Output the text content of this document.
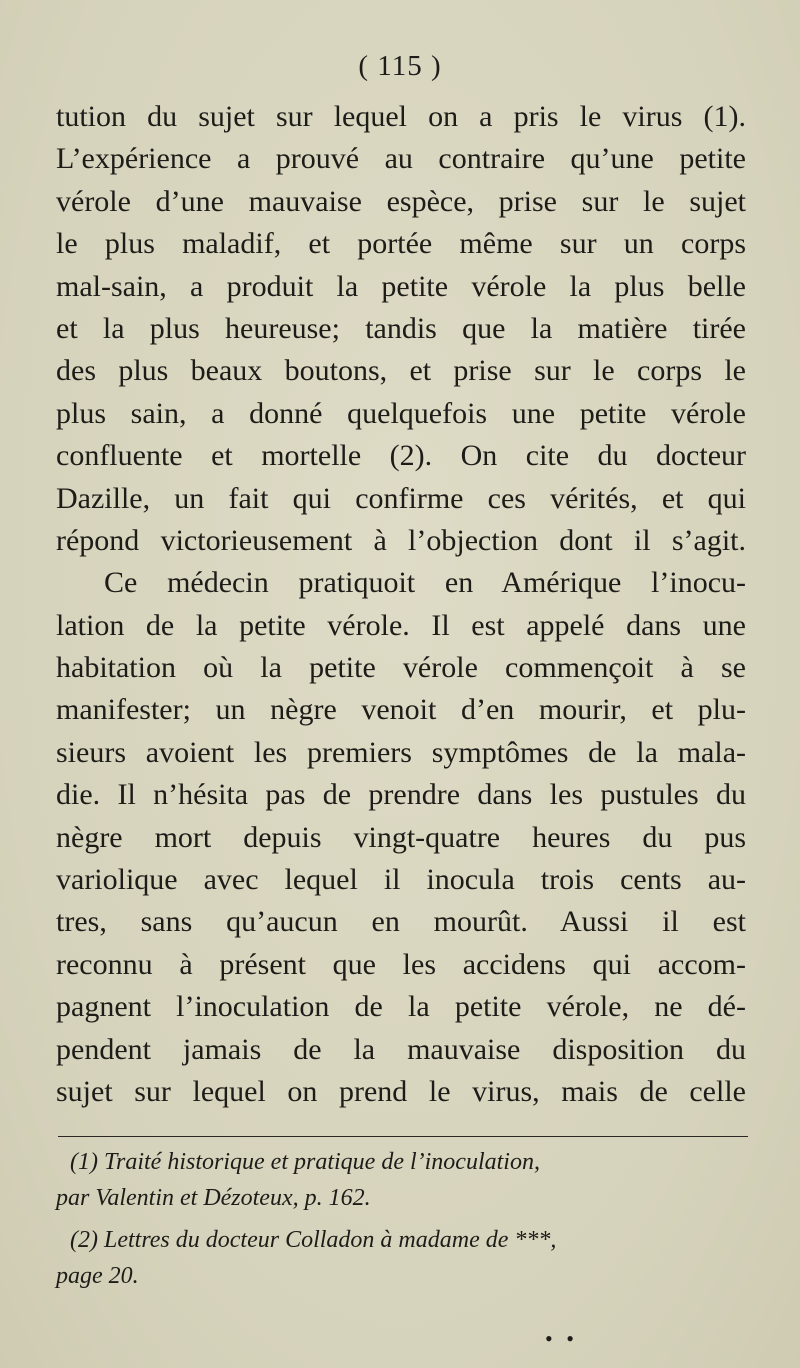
( 115 )
tution du sujet sur lequel on a pris le virus (1).
L’expérience a prouvé au contraire qu’une petite
vérole d’une mauvaise espèce, prise sur le sujet
le plus maladif, et portée même sur un corps
mal-sain, a produit la petite vérole la plus belle
et la plus heureuse; tandis que la matière tirée
des plus beaux boutons, et prise sur le corps le
plus sain, a donné quelquefois une petite vérole
confluente et mortelle (2). On cite du docteur
Dazille, un fait qui confirme ces vérités, et qui
répond victorieusement à l’objection dont il s’agit.
Ce médecin pratiquoit en Amérique l’inocu-
lation de la petite vérole. Il est appelé dans une
habitation où la petite vérole commençoit à se
manifester; un nègre venoit d’en mourir, et plu-
sieurs avoient les premiers symptômes de la mala-
die. Il n’hésita pas de prendre dans les pustules du
nègre mort depuis vingt-quatre heures du pus
variolique avec lequel il inocula trois cents au-
tres, sans qu’aucun en mourût. Aussi il est
reconnu à présent que les accidens qui accom-
pagnent l’inoculation de la petite vérole, ne dé-
pendent jamais de la mauvaise disposition du
sujet sur lequel on prend le virus, mais de celle
(1) Traité historique et pratique de l’inoculation,
par Valentin et Dézoteux, p. 162.
(2) Lettres du docteur Colladon à madame de ***,
page 20.
• •
